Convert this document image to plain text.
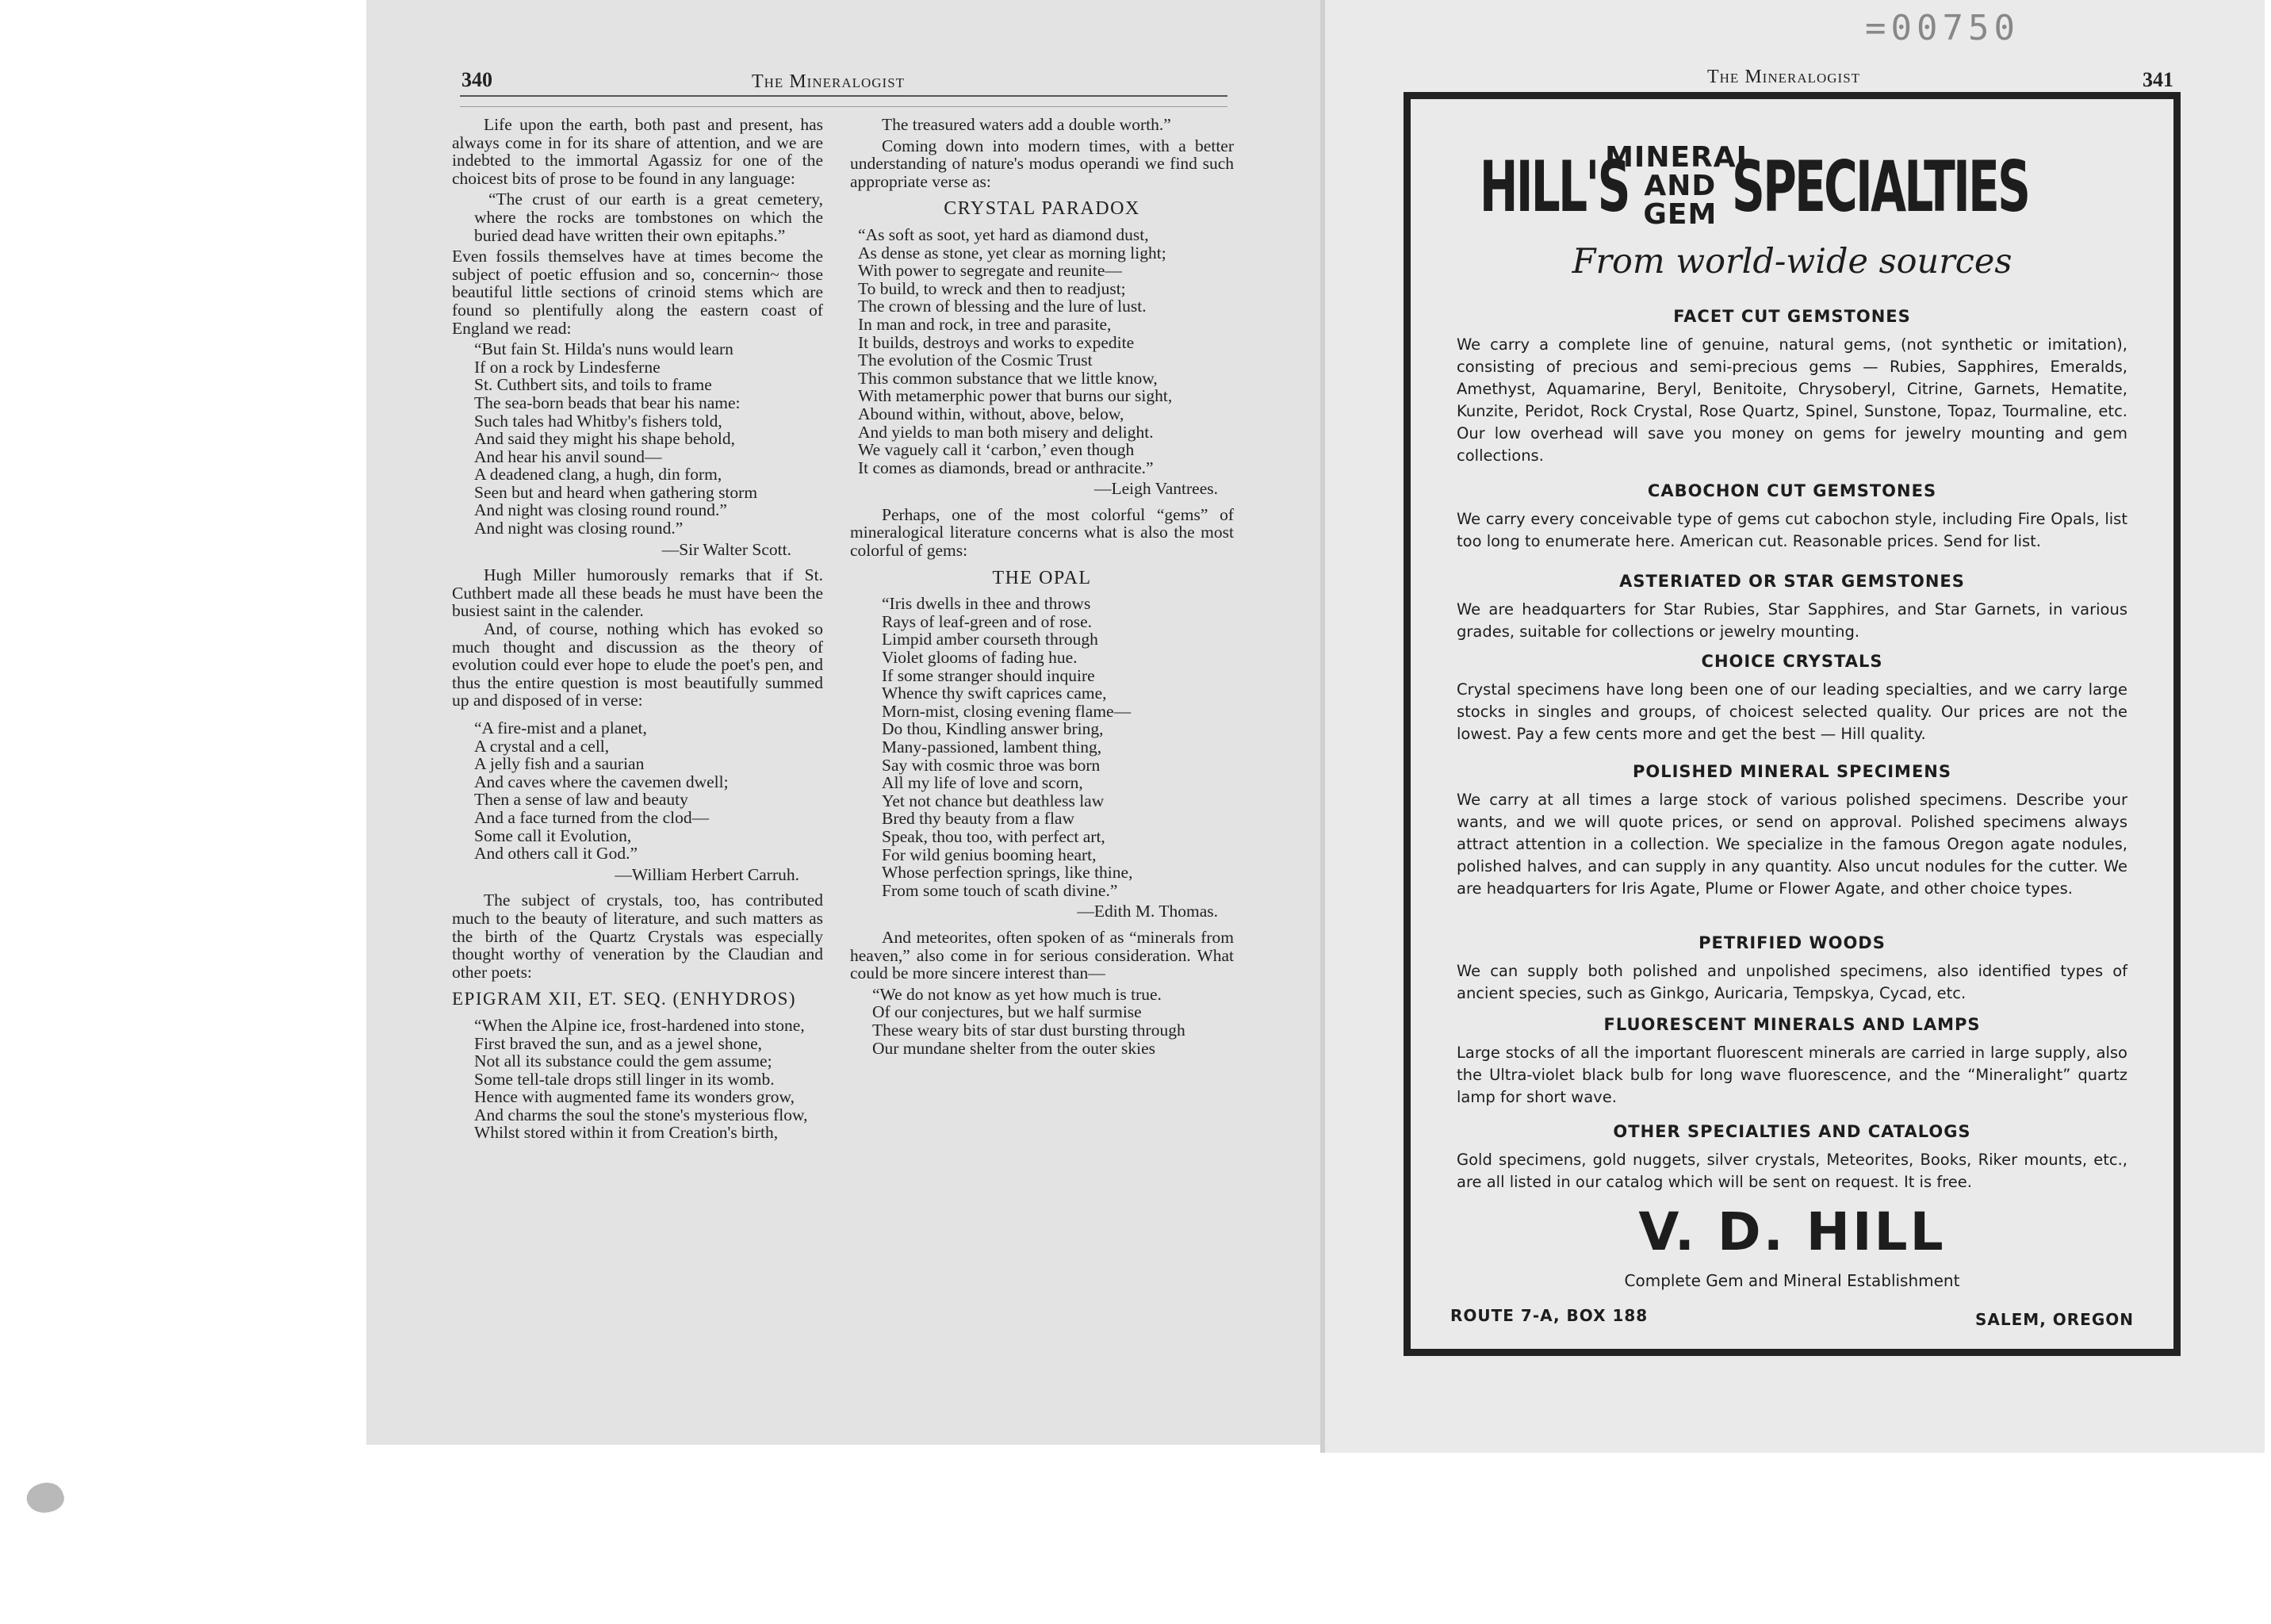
340	The Mineralogist

Life upon the earth, both past and present, has always come in for its share of attention, and we are indebted to the immortal Agassiz for one of the choicest bits of prose to be found in any language:

“The crust of our earth is a great cemetery, where the rocks are tombstones on which the buried dead have written their own epitaphs.”

Even fossils themselves have at times become the subject of poetic effusion and so, concernin~ those beautiful little sections of crinoid stems which are found so plentifully along the eastern coast of England we read:

“But fain St. Hilda's nuns would learn
If on a rock by Lindesferne
St. Cuthbert sits, and toils to frame
The sea-born beads that bear his name:
Such tales had Whitby's fishers told,
And said they might his shape behold,
And hear his anvil sound—
A deadened clang, a hugh, din form,
Seen but and heard when gathering storm
And night was closing round round.”
And night was closing round.”

—Sir Walter Scott.

Hugh Miller humorously remarks that if St. Cuthbert made all these beads he must have been the busiest saint in the calender.

And, of course, nothing which has evoked so much thought and discussion as the theory of evolution could ever hope to elude the poet's pen, and thus the entire question is most beautifully summed up and disposed of in verse:

“A fire-mist and a planet,
A crystal and a cell,
A jelly fish and a saurian
And caves where the cavemen dwell;
Then a sense of law and beauty
And a face turned from the clod—
Some call it Evolution,
And others call it God.”

—William Herbert Carruh.

The subject of crystals, too, has contributed much to the beauty of literature, and such matters as the birth of the Quartz Crystals was especially thought worthy of veneration by the Claudian and other poets:

EPIGRAM XII, ET. SEQ. (ENHYDROS)

“When the Alpine ice, frost-hardened into stone,
First braved the sun, and as a jewel shone,
Not all its substance could the gem assume;
Some tell-tale drops still linger in its womb.
Hence with augmented fame its wonders grow,
And charms the soul the stone's mysterious flow,
Whilst stored within it from Creation's birth,

The treasured waters add a double worth.”

Coming down into modern times, with a better understanding of nature's modus operandi we find such appropriate verse as:

CRYSTAL PARADOX

“As soft as soot, yet hard as diamond dust,
As dense as stone, yet clear as morning light;
With power to segregate and reunite—
To build, to wreck and then to readjust;
The crown of blessing and the lure of lust.
In man and rock, in tree and parasite,
It builds, destroys and works to expedite
The evolution of the Cosmic Trust
This common substance that we little know,
With metamerphic power that burns our sight,
Abound within, without, above, below,
And yields to man both misery and delight.
We vaguely call it ‘carbon,’ even though
It comes as diamonds, bread or anthracite.”

—Leigh Vantrees.

Perhaps, one of the most colorful “gems” of mineralogical literature concerns what is also the most colorful of gems:

THE OPAL

“Iris dwells in thee and throws
Rays of leaf-green and of rose.
Limpid amber courseth through
Violet glooms of fading hue.
If some stranger should inquire
Whence thy swift caprices came,
Morn-mist, closing evening flame—
Do thou, Kindling answer bring,
Many-passioned, lambent thing,
Say with cosmic throe was born
All my life of love and scorn,
Yet not chance but deathless law
Bred thy beauty from a flaw
Speak, thou too, with perfect art,
For wild genius booming heart,
Whose perfection springs, like thine,
From some touch of scath divine.”

—Edith M. Thomas.

And meteorites, often spoken of as “minerals from heaven,” also come in for serious consideration. What could be more sincere interest than—

“We do not know as yet how much is true.
Of our conjectures, but we half surmise
These weary bits of star dust bursting through
Our mundane shelter from the outer skies

The Mineralogist	341
=00750
HILL'S
MINERAL
AND GEM SPECIALTIES
From world-wide sources

FACET CUT GEMSTONES

We carry a complete line of genuine, natural gems, (not synthetic or imitation), consisting of precious and semi-precious gems — Rubies, Sapphires, Emeralds, Amethyst, Aquamarine, Beryl, Benitoite, Chrysoberyl, Citrine, Garnets, Hematite, Kunzite, Peridot, Rock Crystal, Rose Quartz, Spinel, Sunstone, Topaz, Tourmaline, etc. Our low overhead will save you money on gems for jewelry mounting and gem collections.

CABOCHON CUT GEMSTONES

We carry every conceivable type of gems cut cabochon style, including Fire Opals, list too long to enumerate here. American cut. Reasonable prices. Send for list.

ASTERIATED OR STAR GEMSTONES

We are headquarters for Star Rubies, Star Sapphires, and Star Garnets, in various grades, suitable for collections or jewelry mounting.

CHOICE CRYSTALS

Crystal specimens have long been one of our leading specialties, and we carry large stocks in singles and groups, of choicest selected quality. Our prices are not the lowest. Pay a few cents more and get the best — Hill quality.

POLISHED MINERAL SPECIMENS

We carry at all times a large stock of various polished specimens. Describe your wants, and we will quote prices, or send on approval. Polished specimens always attract attention in a collection. We specialize in the famous Oregon agate nodules, polished halves, and can supply in any quantity. Also uncut nodules for the cutter. We are headquarters for Iris Agate, Plume or Flower Agate, and other choice types.

PETRIFIED WOODS

We can supply both polished and unpolished specimens, also identified types of ancient species, such as Ginkgo, Auricaria, Tempskya, Cycad, etc.

FLUORESCENT MINERALS AND LAMPS

Large stocks of all the important fluorescent minerals are carried in large supply, also the Ultra-violet black bulb for long wave fluorescence, and the “Mineralight” quartz lamp for short wave.

OTHER SPECIALTIES AND CATALOGS

Gold specimens, gold nuggets, silver crystals, Meteorites, Books, Riker mounts, etc., are all listed in our catalog which will be sent on request. It is free.

V. D. HILL
Complete Gem and Mineral Establishment
ROUTE 7-A, BOX 188	SALEM, OREGON
